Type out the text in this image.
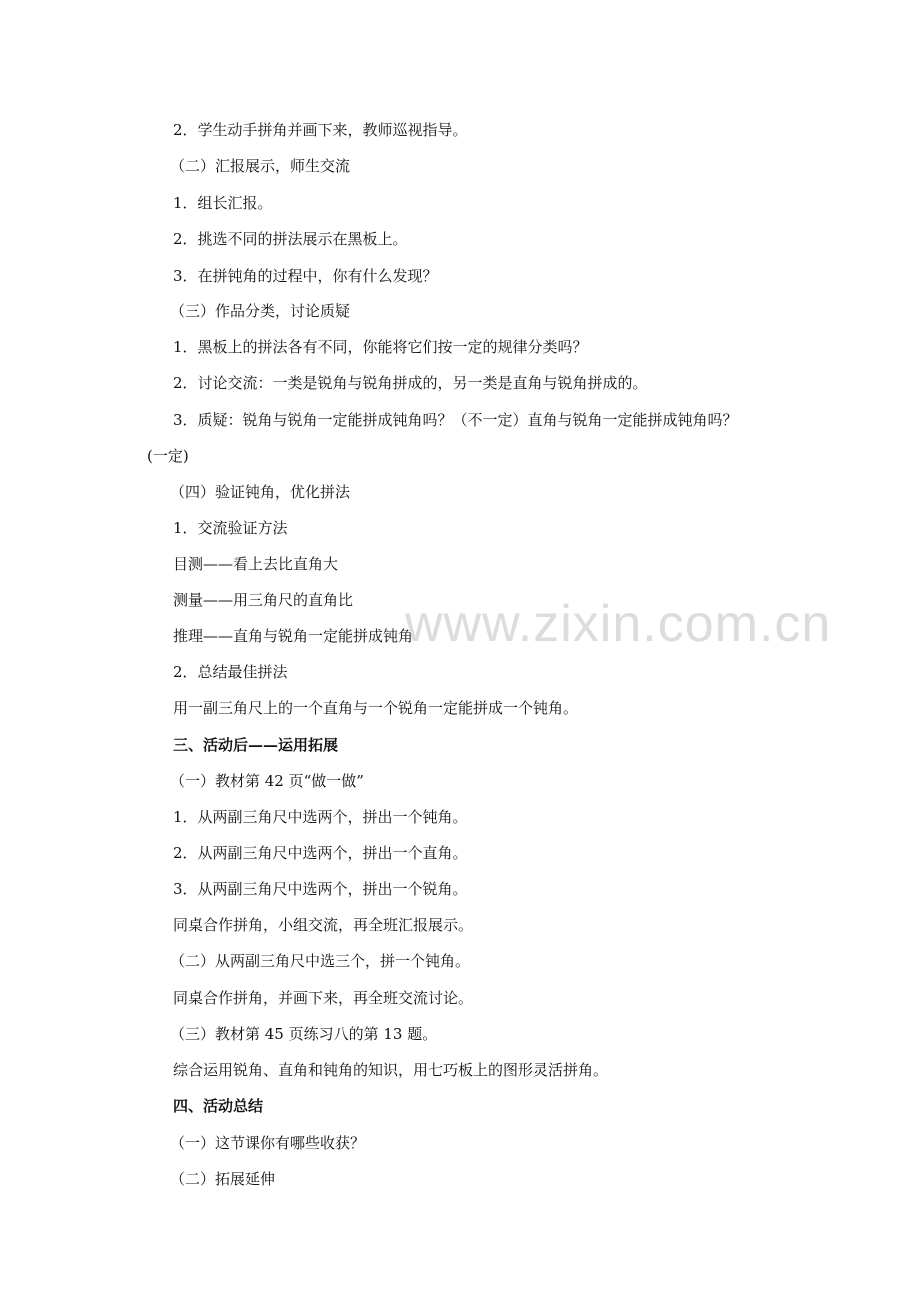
2．学生动手拼角并画下来，教师巡视指导。
（二）汇报展示，师生交流
1．组长汇报。
2．挑选不同的拼法展示在黑板上。
3．在拼钝角的过程中，你有什么发现？
（三）作品分类，讨论质疑
1．黑板上的拼法各有不同，你能将它们按一定的规律分类吗？
2．讨论交流：一类是锐角与锐角拼成的，另一类是直角与锐角拼成的。
3．质疑：锐角与锐角一定能拼成钝角吗？（不一定）直角与锐角一定能拼成钝角吗？
(一定)
（四）验证钝角，优化拼法
1．交流验证方法
目测——看上去比直角大
测量——用三角尺的直角比
推理——直角与锐角一定能拼成钝角
2．总结最佳拼法
用一副三角尺上的一个直角与一个锐角一定能拼成一个钝角。
三、活动后——运用拓展
（一）教材第 42 页“做一做”
1．从两副三角尺中选两个，拼出一个钝角。
2．从两副三角尺中选两个，拼出一个直角。
3．从两副三角尺中选两个，拼出一个锐角。
同桌合作拼角，小组交流，再全班汇报展示。
（二）从两副三角尺中选三个，拼一个钝角。
同桌合作拼角，并画下来，再全班交流讨论。
（三）教材第 45 页练习八的第 13 题。
综合运用锐角、直角和钝角的知识，用七巧板上的图形灵活拼角。
四、活动总结
（一）这节课你有哪些收获？
（二）拓展延伸
www.zixin.com.cn
